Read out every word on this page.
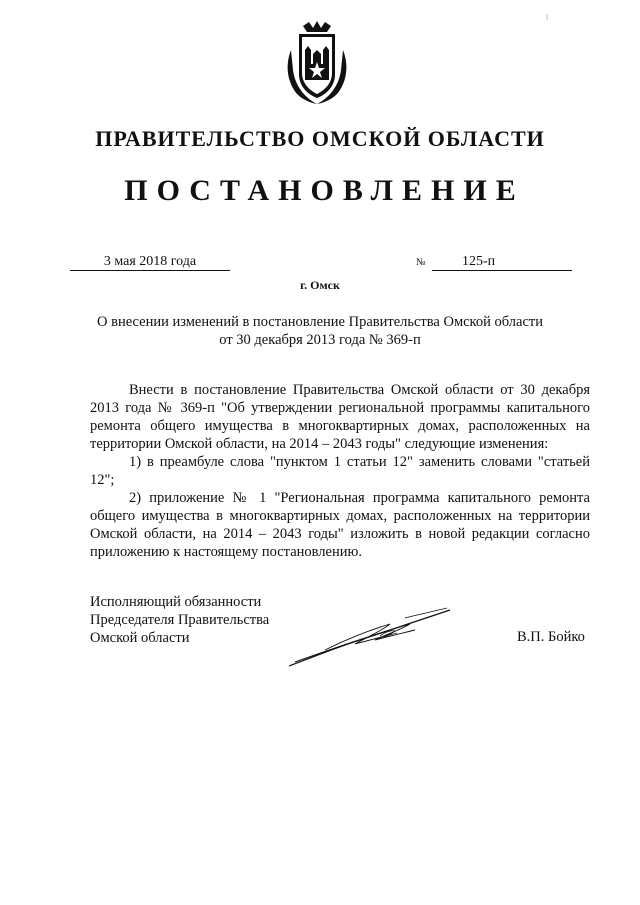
ПРАВИТЕЛЬСТВО ОМСКОЙ ОБЛАСТИ
ПОСТАНОВЛЕНИЕ
3 мая 2018 года	№	125-п
г. Омск
О внесении изменений в постановление Правительства Омской области
от 30 декабря 2013 года № 369-п

Внести в постановление Правительства Омской области от 30 декабря 2013 года № 369-п "Об утверждении региональной программы капитального ремонта общего имущества в многоквартирных домах, расположенных на территории Омской области, на 2014 – 2043 годы" следующие изменения:

1) в преамбуле слова "пунктом 1 статьи 12" заменить словами "статьей 12";

2) приложение № 1 "Региональная программа капитального ремонта общего имущества в многоквартирных домах, расположенных на территории Омской области, на 2014 – 2043 годы" изложить в новой редакции согласно приложению к настоящему постановлению.

Исполняющий обязанности
Председателя Правительства
Омской области	В.П. Бойко
